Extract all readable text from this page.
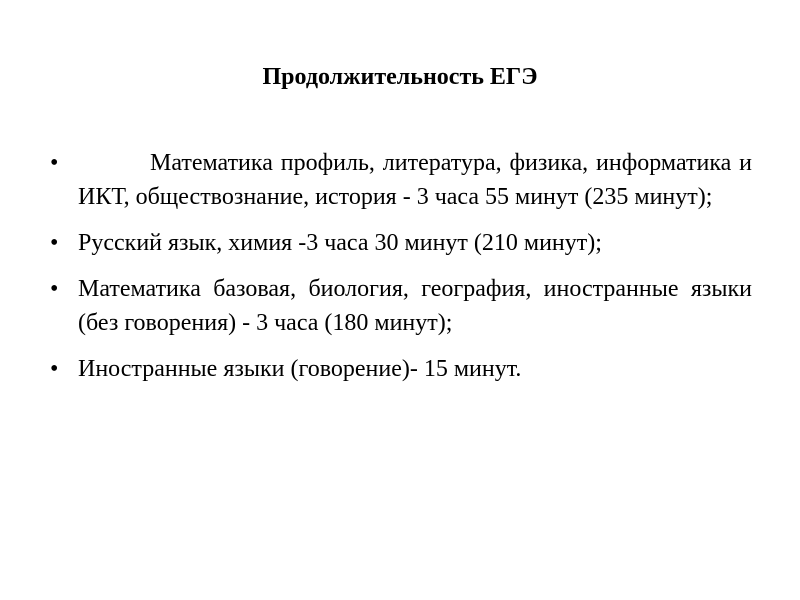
Продолжительность ЕГЭ
•	Математика профиль, литература, физика, информатика и ИКТ, обществознание, история - 3 часа 55 минут (235 минут);
• Русский язык, химия -3 часа 30 минут (210 минут);
• Математика базовая, биология, география, иностранные языки (без говорения) - 3 часа (180 минут);
• Иностранные языки (говорение)- 15 минут.
